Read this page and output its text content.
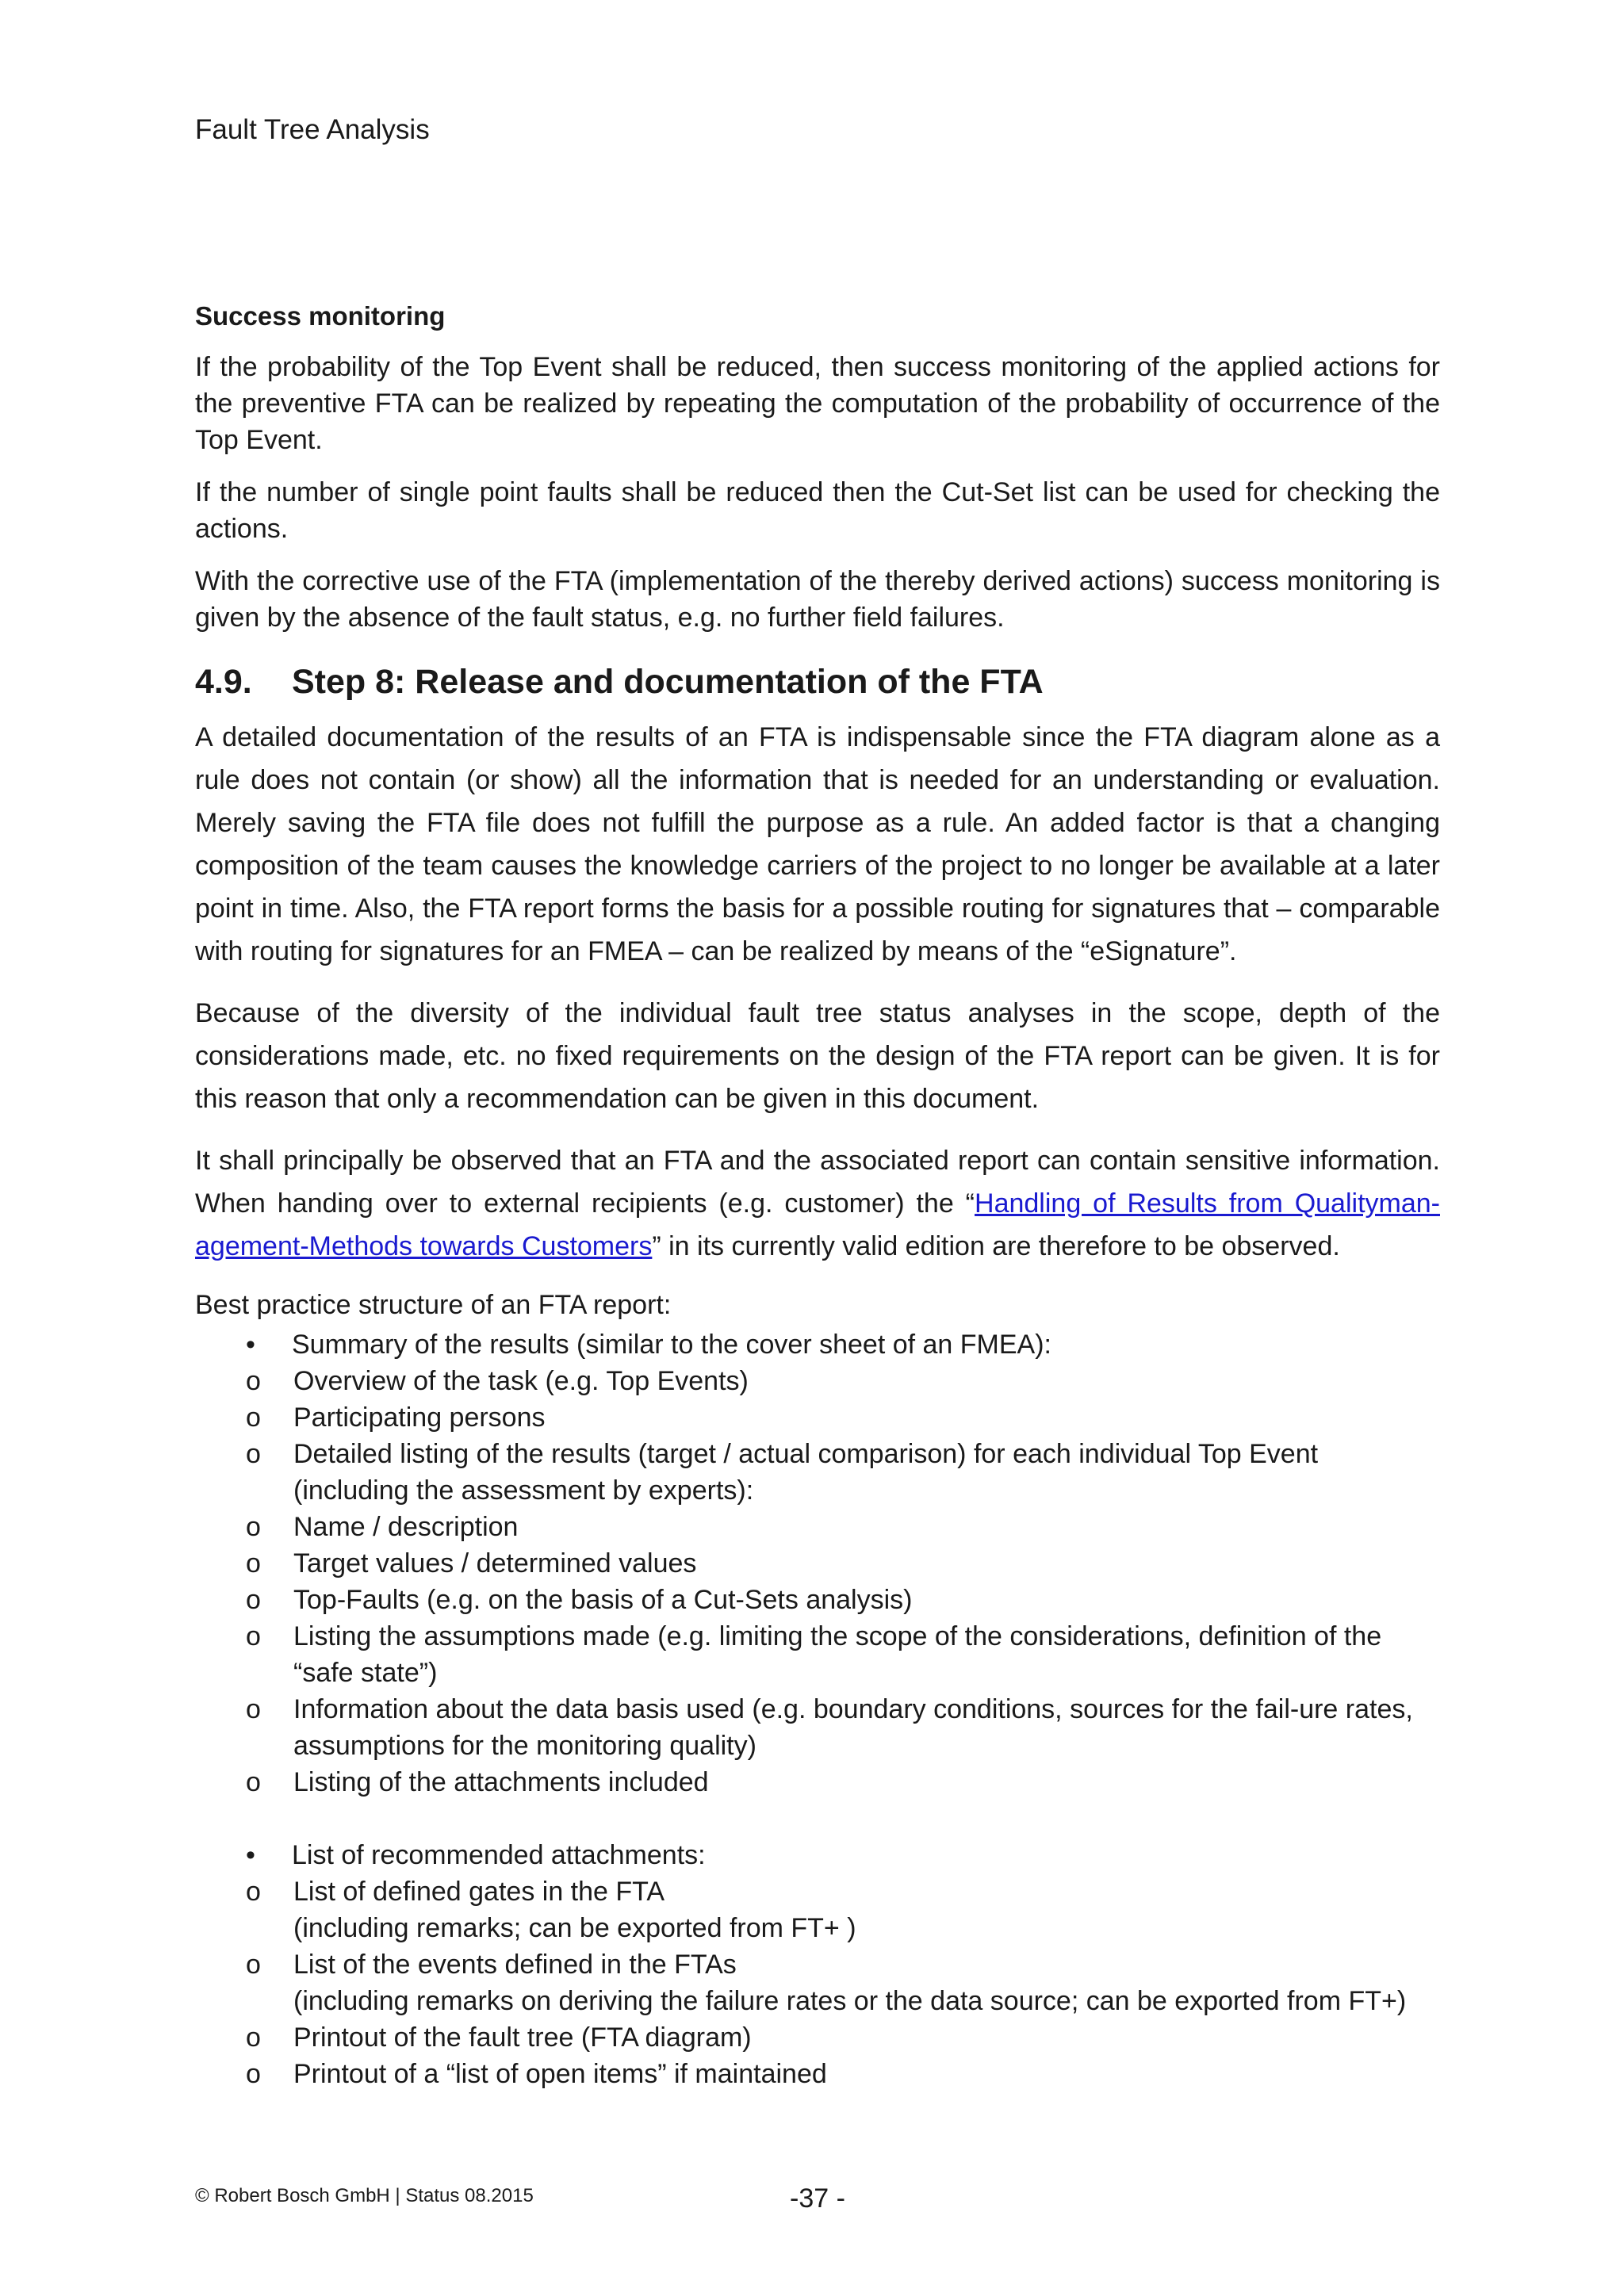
Fault Tree Analysis
Success monitoring

If the probability of the Top Event shall be reduced, then success monitoring of the applied actions for the preventive FTA can be realized by repeating the computation of the probability of occurrence of the Top Event.

If the number of single point faults shall be reduced then the Cut-Set list can be used for checking the actions.

With the corrective use of the FTA (implementation of the thereby derived actions) success monitoring is given by the absence of the fault status, e.g. no further field failures.

4.9. Step 8: Release and documentation of the FTA

A detailed documentation of the results of an FTA is indispensable since the FTA diagram alone as a rule does not contain (or show) all the information that is needed for an understanding or evaluation. Merely saving the FTA file does not fulfill the purpose as a rule. An added factor is that a changing composition of the team causes the knowledge carriers of the project to no longer be available at a later point in time. Also, the FTA report forms the basis for a possible routing for signatures that – comparable with routing for signatures for an FMEA – can be realized by means of the “eSignature”.

Because of the diversity of the individual fault tree status analyses in the scope, depth of the considerations made, etc. no fixed requirements on the design of the FTA report can be given. It is for this reason that only a recommendation can be given in this document.

It shall principally be observed that an FTA and the associated report can contain sensitive information. When handing over to external recipients (e.g. customer) the “Handling of Results from Qualityman-agement-Methods towards Customers” in its currently valid edition are therefore to be observed.

Best practice structure of an FTA report:
• Summary of the results (similar to the cover sheet of an FMEA):
o Overview of the task (e.g. Top Events)
o Participating persons
o Detailed listing of the results (target / actual comparison) for each individual Top Event (including the assessment by experts):
o Name / description
o Target values / determined values
o Top-Faults (e.g. on the basis of a Cut-Sets analysis)
o Listing the assumptions made (e.g. limiting the scope of the considerations, definition of the “safe state”)
o Information about the data basis used (e.g. boundary conditions, sources for the fail-ure rates, assumptions for the monitoring quality)
o Listing of the attachments included
• List of recommended attachments:
o List of defined gates in the FTA
(including remarks; can be exported from FT+ )
o List of the events defined in the FTAs
(including remarks on deriving the failure rates or the data source; can be exported from FT+)
o Printout of the fault tree (FTA diagram)
o Printout of a “list of open items” if maintained
© Robert Bosch GmbH | Status 08.2015	-37 -
